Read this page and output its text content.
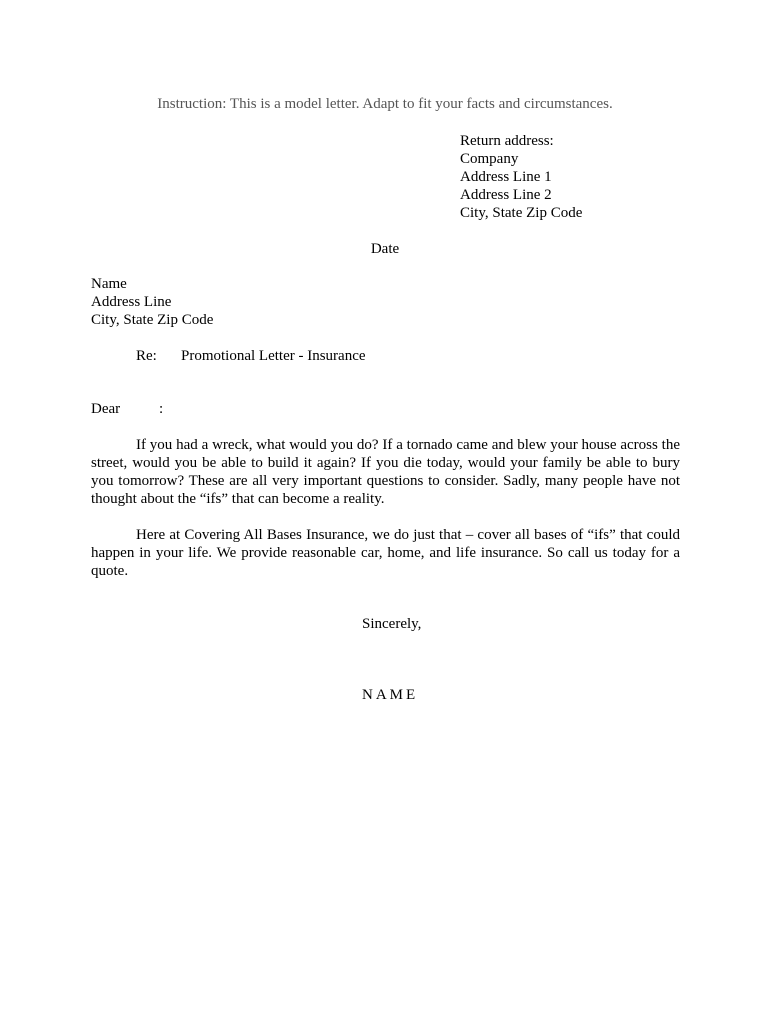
Instruction: This is a model letter. Adapt to fit your facts and circumstances.
Return address:
Company
Address Line 1
Address Line 2
City, State Zip Code
Date
Name
Address Line
City, State Zip Code
Re: Promotional Letter - Insurance
Dear	:
If you had a wreck, what would you do? If a tornado came and blew your house across the street, would you be able to build it again? If you die today, would your family be able to bury you tomorrow? These are all very important questions to consider. Sadly, many people have not thought about the “ifs” that can become a reality.
Here at Covering All Bases Insurance, we do just that – cover all bases of “ifs” that could happen in your life. We provide reasonable car, home, and life insurance. So call us today for a quote.
Sincerely,
NAME
